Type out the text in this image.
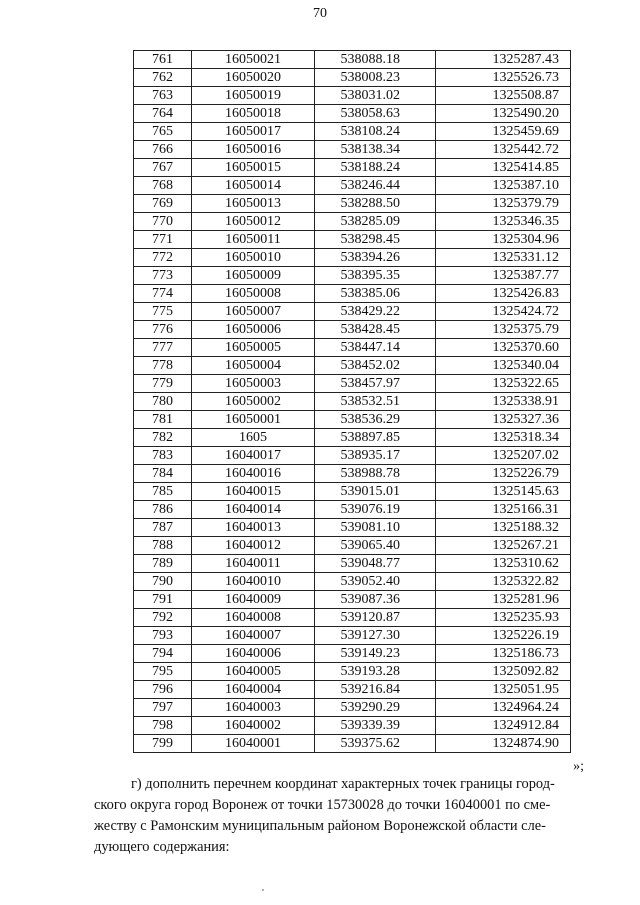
70
761	16050021	538088.18	1325287.43
762	16050020	538008.23	1325526.73
763	16050019	538031.02	1325508.87
764	16050018	538058.63	1325490.20
765	16050017	538108.24	1325459.69
766	16050016	538138.34	1325442.72
767	16050015	538188.24	1325414.85
768	16050014	538246.44	1325387.10
769	16050013	538288.50	1325379.79
770	16050012	538285.09	1325346.35
771	16050011	538298.45	1325304.96
772	16050010	538394.26	1325331.12
773	16050009	538395.35	1325387.77
774	16050008	538385.06	1325426.83
775	16050007	538429.22	1325424.72
776	16050006	538428.45	1325375.79
777	16050005	538447.14	1325370.60
778	16050004	538452.02	1325340.04
779	16050003	538457.97	1325322.65
780	16050002	538532.51	1325338.91
781	16050001	538536.29	1325327.36
782	1605	538897.85	1325318.34
783	16040017	538935.17	1325207.02
784	16040016	538988.78	1325226.79
785	16040015	539015.01	1325145.63
786	16040014	539076.19	1325166.31
787	16040013	539081.10	1325188.32
788	16040012	539065.40	1325267.21
789	16040011	539048.77	1325310.62
790	16040010	539052.40	1325322.82
791	16040009	539087.36	1325281.96
792	16040008	539120.87	1325235.93
793	16040007	539127.30	1325226.19
794	16040006	539149.23	1325186.73
795	16040005	539193.28	1325092.82
796	16040004	539216.84	1325051.95
797	16040003	539290.29	1324964.24
798	16040002	539339.39	1324912.84
799	16040001	539375.62	1324874.90
»;
г) дополнить перечнем координат характерных точек границы город-
ского округа город Воронеж от точки 15730028 до точки 16040001 по сме-
жеству с Рамонским муниципальным районом Воронежской области сле-
дующего содержания:
